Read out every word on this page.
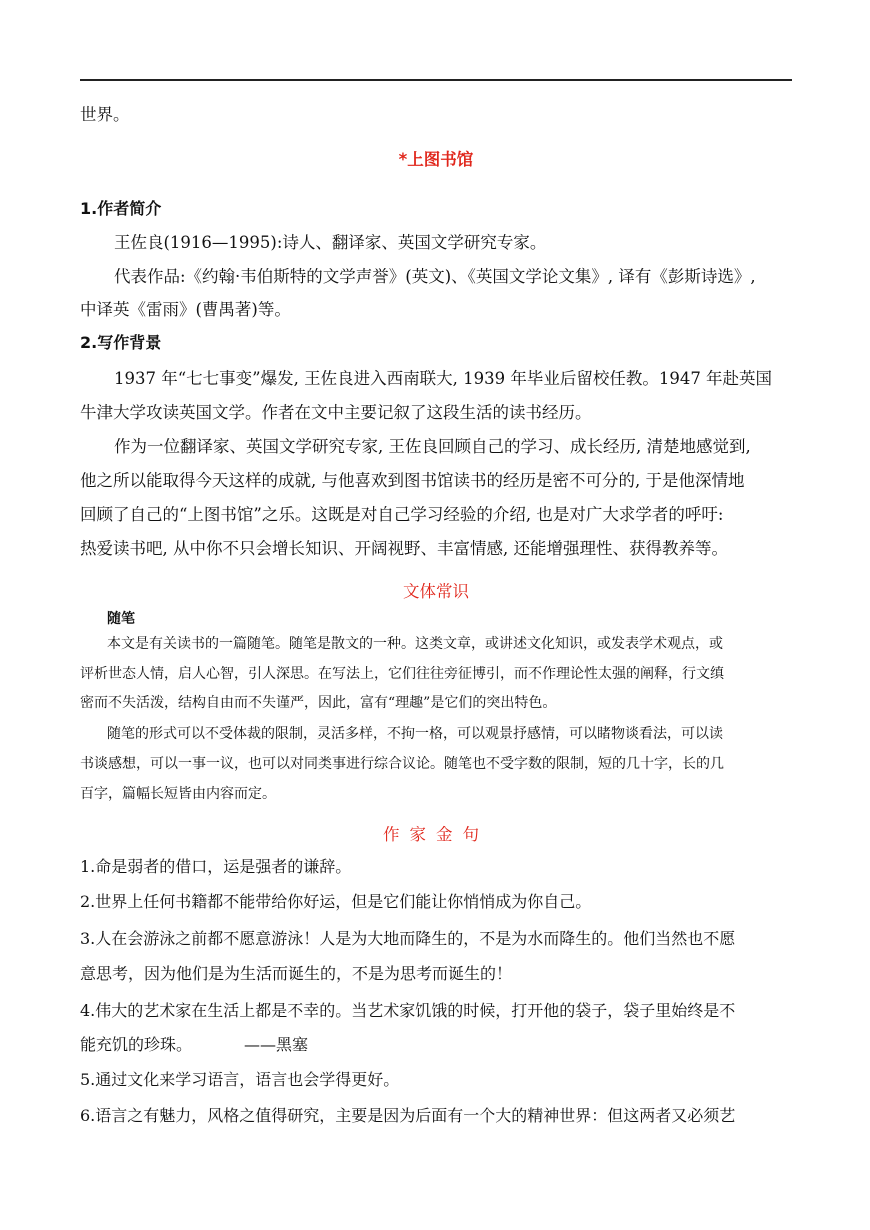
世界。
*上图书馆
1.作者简介
王佐良(1916—1995):诗人、翻译家、英国文学研究专家。
代表作品:《约翰·韦伯斯特的文学声誉》(英文)、《英国文学论文集》, 译有《彭斯诗选》,
中译英《雷雨》(曹禺著)等。
2.写作背景
1937 年“七七事变”爆发, 王佐良进入西南联大, 1939 年毕业后留校任教。1947 年赴英国
牛津大学攻读英国文学。作者在文中主要记叙了这段生活的读书经历。
作为一位翻译家、英国文学研究专家, 王佐良回顾自己的学习、成长经历, 清楚地感觉到,
他之所以能取得今天这样的成就, 与他喜欢到图书馆读书的经历是密不可分的, 于是他深情地
回顾了自己的“上图书馆”之乐。这既是对自己学习经验的介绍, 也是对广大求学者的呼吁:
热爱读书吧, 从中你不只会增长知识、开阔视野、丰富情感, 还能增强理性、获得教养等。
文体常识
随笔
本文是有关读书的一篇随笔。随笔是散文的一种。这类文章，或讲述文化知识，或发表学术观点，或
评析世态人情，启人心智，引人深思。在写法上，它们往往旁征博引，而不作理论性太强的阐释，行文缜
密而不失活泼，结构自由而不失谨严，因此，富有“理趣”是它们的突出特色。
随笔的形式可以不受体裁的限制，灵活多样，不拘一格，可以观景抒感情，可以睹物谈看法，可以读
书谈感想，可以一事一议，也可以对同类事进行综合议论。随笔也不受字数的限制，短的几十字，长的几
百字，篇幅长短皆由内容而定。
作家金句
1.命是弱者的借口，运是强者的谦辞。
2.世界上任何书籍都不能带给你好运，但是它们能让你悄悄成为你自己。
3.人在会游泳之前都不愿意游泳！人是为大地而降生的，不是为水而降生的。他们当然也不愿
意思考，因为他们是为生活而诞生的，不是为思考而诞生的！
4.伟大的艺术家在生活上都是不幸的。当艺术家饥饿的时候，打开他的袋子，袋子里始终是不
能充饥的珍珠。	——黑塞
5.通过文化来学习语言，语言也会学得更好。
6.语言之有魅力，风格之值得研究，主要是因为后面有一个大的精神世界：但这两者又必须艺
